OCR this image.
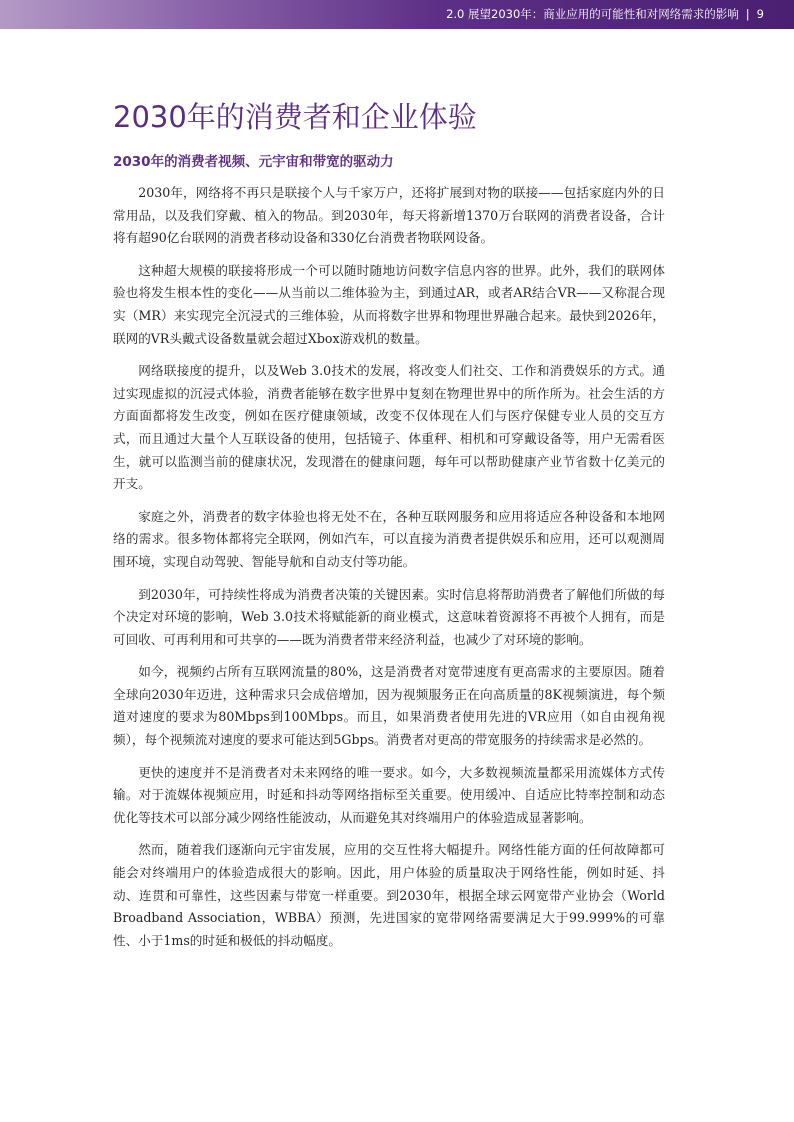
2.0 展望2030年：商业应用的可能性和对网络需求的影响 | 9
2030年的消费者和企业体验
2030年的消费者视频、元宇宙和带宽的驱动力

2030年，网络将不再只是联接个人与千家万户，还将扩展到对物的联接——包括家庭内外的日常用品，以及我们穿戴、植入的物品。到2030年，每天将新增1370万台联网的消费者设备，合计将有超90亿台联网的消费者移动设备和330亿台消费者物联网设备。

这种超大规模的联接将形成一个可以随时随地访问数字信息内容的世界。此外，我们的联网体验也将发生根本性的变化——从当前以二维体验为主，到通过AR，或者AR结合VR——又称混合现实（MR）来实现完全沉浸式的三维体验，从而将数字世界和物理世界融合起来。最快到2026年，联网的VR头戴式设备数量就会超过Xbox游戏机的数量。

网络联接度的提升，以及Web 3.0技术的发展，将改变人们社交、工作和消费娱乐的方式。通过实现虚拟的沉浸式体验，消费者能够在数字世界中复刻在物理世界中的所作所为。社会生活的方方面面都将发生改变，例如在医疗健康领域，改变不仅体现在人们与医疗保健专业人员的交互方式，而且通过大量个人互联设备的使用，包括镜子、体重秤、相机和可穿戴设备等，用户无需看医生，就可以监测当前的健康状况，发现潜在的健康问题，每年可以帮助健康产业节省数十亿美元的开支。

家庭之外，消费者的数字体验也将无处不在，各种互联网服务和应用将适应各种设备和本地网络的需求。很多物体都将完全联网，例如汽车，可以直接为消费者提供娱乐和应用，还可以观测周围环境，实现自动驾驶、智能导航和自动支付等功能。

到2030年，可持续性将成为消费者决策的关键因素。实时信息将帮助消费者了解他们所做的每个决定对环境的影响，Web 3.0技术将赋能新的商业模式，这意味着资源将不再被个人拥有，而是可回收、可再利用和可共享的——既为消费者带来经济利益，也减少了对环境的影响。

如今，视频约占所有互联网流量的80%，这是消费者对宽带速度有更高需求的主要原因。随着全球向2030年迈进，这种需求只会成倍增加，因为视频服务正在向高质量的8K视频演进，每个频道对速度的要求为80Mbps到100Mbps。而且，如果消费者使用先进的VR应用（如自由视角视频），每个视频流对速度的要求可能达到5Gbps。消费者对更高的带宽服务的持续需求是必然的。

更快的速度并不是消费者对未来网络的唯一要求。如今，大多数视频流量都采用流媒体方式传输。对于流媒体视频应用，时延和抖动等网络指标至关重要。使用缓冲、自适应比特率控制和动态优化等技术可以部分减少网络性能波动，从而避免其对终端用户的体验造成显著影响。

然而，随着我们逐渐向元宇宙发展，应用的交互性将大幅提升。网络性能方面的任何故障都可能会对终端用户的体验造成很大的影响。因此，用户体验的质量取决于网络性能，例如时延、抖动、连贯和可靠性，这些因素与带宽一样重要。到2030年，根据全球云网宽带产业协会（World Broadband Association，WBBA）预测，先进国家的宽带网络需要满足大于99.999%的可靠性、小于1ms的时延和极低的抖动幅度。
